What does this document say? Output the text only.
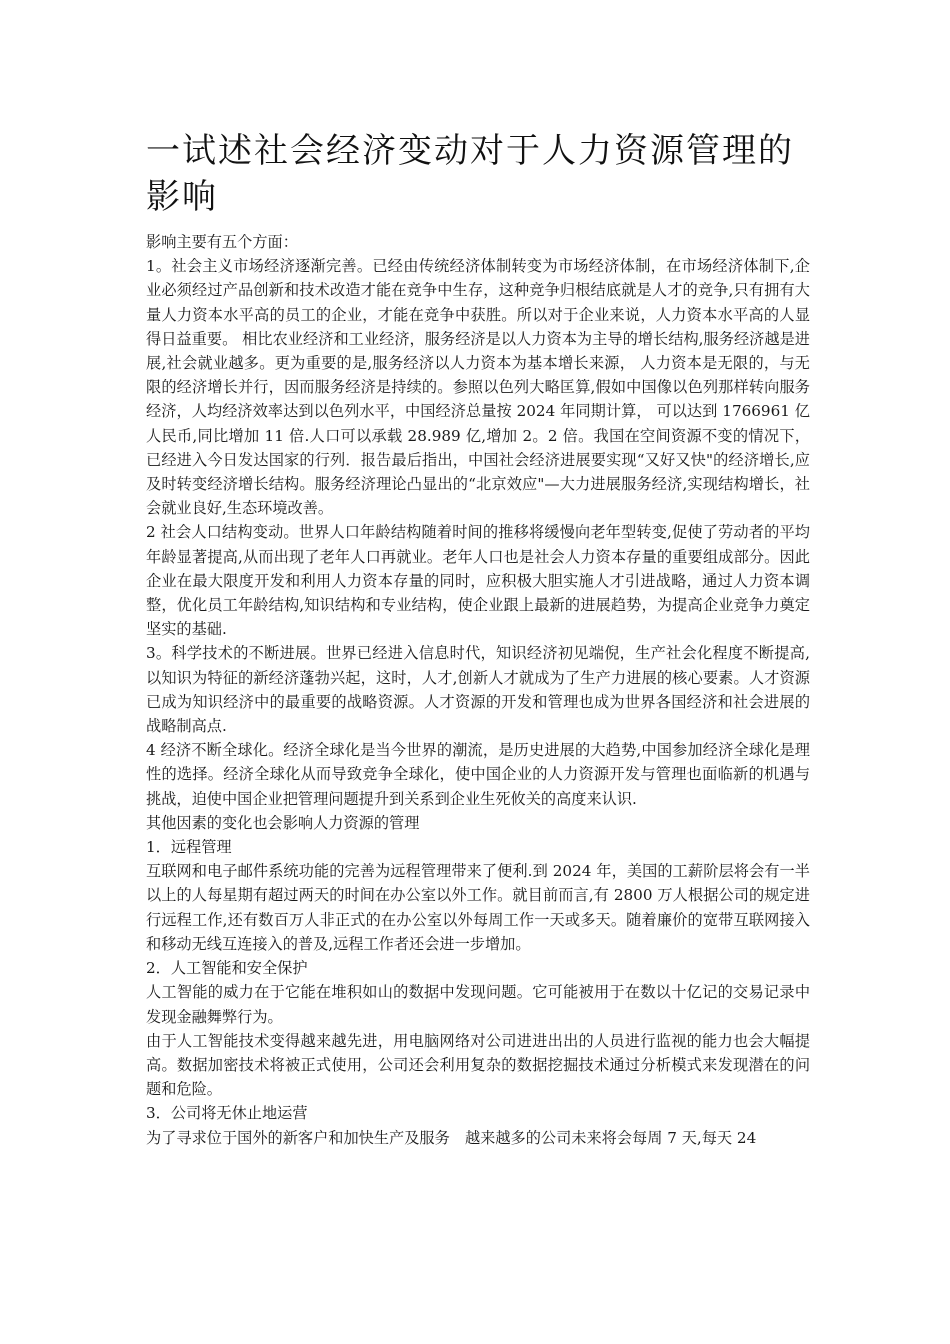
一试述社会经济变动对于人力资源管理的影响

影响主要有五个方面：

1。社会主义市场经济逐渐完善。已经由传统经济体制转变为市场经济体制，在市场经济体制下,企业必须经过产品创新和技术改造才能在竞争中生存，这种竞争归根结底就是人才的竞争,只有拥有大量人力资本水平高的员工的企业，才能在竞争中获胜。所以对于企业来说，人力资本水平高的人显得日益重要。 相比农业经济和工业经济，服务经济是以人力资本为主导的增长结构,服务经济越是进展,社会就业越多。更为重要的是,服务经济以人力资本为基本增长来源， 人力资本是无限的，与无限的经济增长并行，因而服务经济是持续的。参照以色列大略匡算,假如中国像以色列那样转向服务经济，人均经济效率达到以色列水平，中国经济总量按 2024 年同期计算， 可以达到 1766961 亿人民币,同比增加 11 倍.人口可以承载 28.989 亿,增加 2。2 倍。我国在空间资源不变的情况下，已经进入今日发达国家的行列．报告最后指出，中国社会经济进展要实现“又好又快"的经济增长,应及时转变经济增长结构。服务经济理论凸显出的“北京效应"—大力进展服务经济,实现结构增长，社会就业良好,生态环境改善。

2 社会人口结构变动。世界人口年龄结构随着时间的推移将缓慢向老年型转变,促使了劳动者的平均年龄显著提高,从而出现了老年人口再就业。老年人口也是社会人力资本存量的重要组成部分。因此企业在最大限度开发和利用人力资本存量的同时，应积极大胆实施人才引进战略，通过人力资本调整，优化员工年龄结构,知识结构和专业结构，使企业跟上最新的进展趋势，为提高企业竞争力奠定坚实的基础.

3。科学技术的不断进展。世界已经进入信息时代，知识经济初见端倪，生产社会化程度不断提高,以知识为特征的新经济蓬勃兴起，这时，人才,创新人才就成为了生产力进展的核心要素。人才资源已成为知识经济中的最重要的战略资源。人才资源的开发和管理也成为世界各国经济和社会进展的战略制高点.

4 经济不断全球化。经济全球化是当今世界的潮流，是历史进展的大趋势,中国参加经济全球化是理性的选择。经济全球化从而导致竞争全球化，使中国企业的人力资源开发与管理也面临新的机遇与挑战，迫使中国企业把管理问题提升到关系到企业生死攸关的高度来认识.

其他因素的变化也会影响人力资源的管理

1．远程管理

互联网和电子邮件系统功能的完善为远程管理带来了便利.到 2024 年，美国的工薪阶层将会有一半以上的人每星期有超过两天的时间在办公室以外工作。就目前而言,有 2800 万人根据公司的规定进行远程工作,还有数百万人非正式的在办公室以外每周工作一天或多天。随着廉价的宽带互联网接入和移动无线互连接入的普及,远程工作者还会进一步增加。

2．人工智能和安全保护

人工智能的威力在于它能在堆积如山的数据中发现问题。它可能被用于在数以十亿记的交易记录中发现金融舞弊行为。

由于人工智能技术变得越来越先进，用电脑网络对公司进进出出的人员进行监视的能力也会大幅提高。数据加密技术将被正式使用，公司还会利用复杂的数据挖掘技术通过分析模式来发现潜在的问题和危险。

3．公司将无休止地运营

为了寻求位于国外的新客户和加快生产及服务　越来越多的公司未来将会每周 7 天,每天 24
